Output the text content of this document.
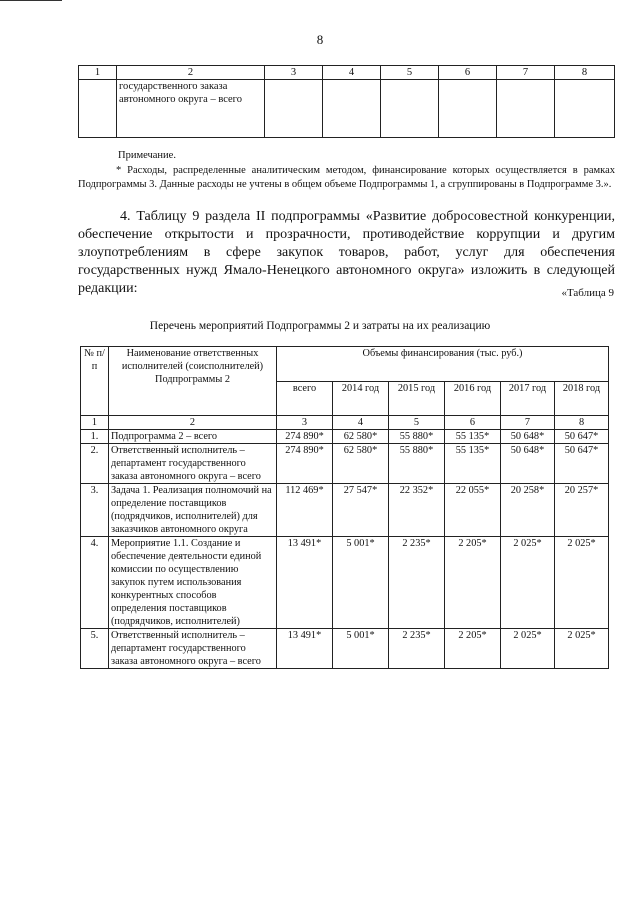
8
1	2	3	4	5	6	7	8
	государственного заказа автономного округа – всего						
Примечание.
* Расходы, распределенные аналитическим методом, финансирование которых осуществляется в рамках Подпрограммы 3. Данные расходы не учтены в общем объеме Подпрограммы 1, а сгруппированы в Подпрограмме 3.».
4. Таблицу 9 раздела II подпрограммы «Развитие добросовестной конкуренции, обеспечение открытости и прозрачности, противодействие коррупции и другим злоупотреблениям в сфере закупок товаров, работ, услуг для обеспечения государственных нужд Ямало-Ненецкого автономного округа» изложить в следующей редакции:	«Таблица 9
Перечень мероприятий Подпрограммы 2 и затраты на их реализацию
№ п/п	Наименование ответственных исполнителей (соисполнителей) Подпрограммы 2	Объемы финансирования (тыс. руб.)					
		всего	2014 год	2015 год	2016 год	2017 год	2018 год
1	2	3	4	5	6	7	8
1.	Подпрограмма 2 – всего	274 890*	62 580*	55 880*	55 135*	50 648*	50 647*
2.	Ответственный исполнитель – департамент государственного заказа автономного округа – всего	274 890*	62 580*	55 880*	55 135*	50 648*	50 647*
3.	Задача 1. Реализация полномочий на определение поставщиков (подрядчиков, исполнителей) для заказчиков автономного округа	112 469*	27 547*	22 352*	22 055*	20 258*	20 257*
4.	Мероприятие 1.1. Создание и обеспечение деятельности единой комиссии по осуществлению закупок путем использования конкурентных способов определения поставщиков (подрядчиков, исполнителей)	13 491*	5 001*	2 235*	2 205*	2 025*	2 025*
5.	Ответственный исполнитель – департамент государственного заказа автономного округа – всего	13 491*	5 001*	2 235*	2 205*	2 025*	2 025*
